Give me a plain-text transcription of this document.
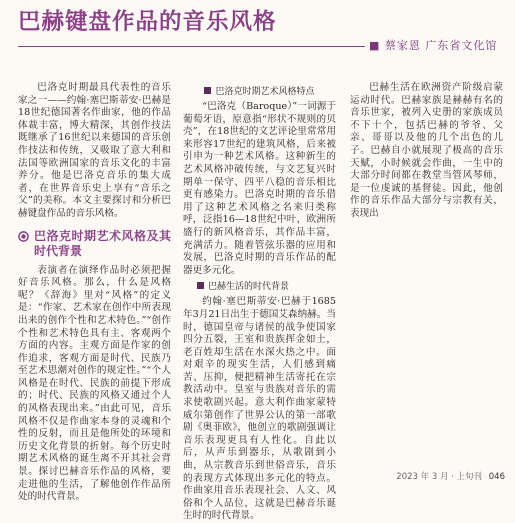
巴赫键盘作品的音乐风格
■ 蔡家恩 广东省文化馆

巴洛克时期最具代表性的音乐家之一——约翰·塞巴斯蒂安·巴赫是18世纪德国著名作曲家，他的作品体裁丰富，博大精深，其创作技法既继承了16世纪以来德国的音乐创作技法和传统，又吸取了意大利和法国等欧洲国家的音乐文化的丰富养分。他是巴洛克音乐的集大成者，在世界音乐史上享有“音乐之父”的美称。本文主要探讨和分析巴赫键盘作品的音乐风格。

巴洛克时期艺术风格及其时代背景

表演者在演绎作品时必须把握好音乐风格。那么，什么是风格呢？《辞海》里对“风格”的定义是：“作家、艺术家在创作中所表现出来的创作个性和艺术特色。”“创作个性和艺术特色具有主、客观两个方面的内容。主观方面是作家的创作追求，客观方面是时代、民族乃至艺术思潮对创作的规定性。”“个人风格是在时代、民族的前提下形成的；时代、民族的风格又通过个人的风格表现出来。”由此可见，音乐风格不仅是作曲家本身的灵魂和个性的反射，而且是他所处的环境和历史文化背景的折射。每个历史时期艺术风格的诞生离不开其社会背景。探讨巴赫音乐作品的风格，要走进他的生活，了解他创作作品所处的时代背景。

巴洛克时期艺术风格特点

“巴洛克（Baroque）”一词源于葡萄牙语，原意指“形状不规则的贝壳”，在18世纪的文艺评论里常常用来形容17世纪的建筑风格，后来被引申为一种艺术风格。这种新生的艺术风格冲破传统，与文艺复兴时期单一保守、四平八稳的音乐相比更有感染力。巴洛克时期的音乐借用了这种艺术风格之名来归类称呼，泛指16—18世纪中叶，欧洲所盛行的新风格音乐，其作品丰富，充满活力。随着管弦乐器的应用和发展，巴洛克时期的音乐作品的配器更多元化。

巴赫生活的时代背景

约翰·塞巴斯蒂安·巴赫于1685年3月21日出生于德国艾森纳赫。当时，德国皇帝与诸侯的战争使国家四分五裂，王室和贵族挥金如土，老百姓却生活在水深火热之中。面对艰辛的现实生活，人们感到痛苦、压抑，便把精神生活寄托在宗教活动中。皇室与贵族对音乐的需求使歌剧兴起。意大利作曲家蒙特威尔第创作了世界公认的第一部歌剧《奥菲欧》，他创立的歌剧强调让音乐表现更具有人性化。自此以后，从声乐到器乐，从歌剧到小曲，从宗教音乐到世俗音乐，音乐的表现方式体现出多元化的特点。作曲家用音乐表现社会、人文、风俗和个人品位，这就是巴赫音乐诞生时的时代背景。

巴赫生活在欧洲资产阶级启蒙运动时代。巴赫家族是赫赫有名的音乐世家，被列入史册的家族成员不下十个，包括巴赫的爷爷、父亲、哥哥以及他的几个出色的儿子。巴赫自小就展现了极高的音乐天赋，小时候就会作曲，一生中的大部分时间都在教堂当管风琴师，是一位虔诚的基督徒。因此，他创作的音乐作品大部分与宗教有关，表现出

2023 年 3 月 · 上旬刊 046
